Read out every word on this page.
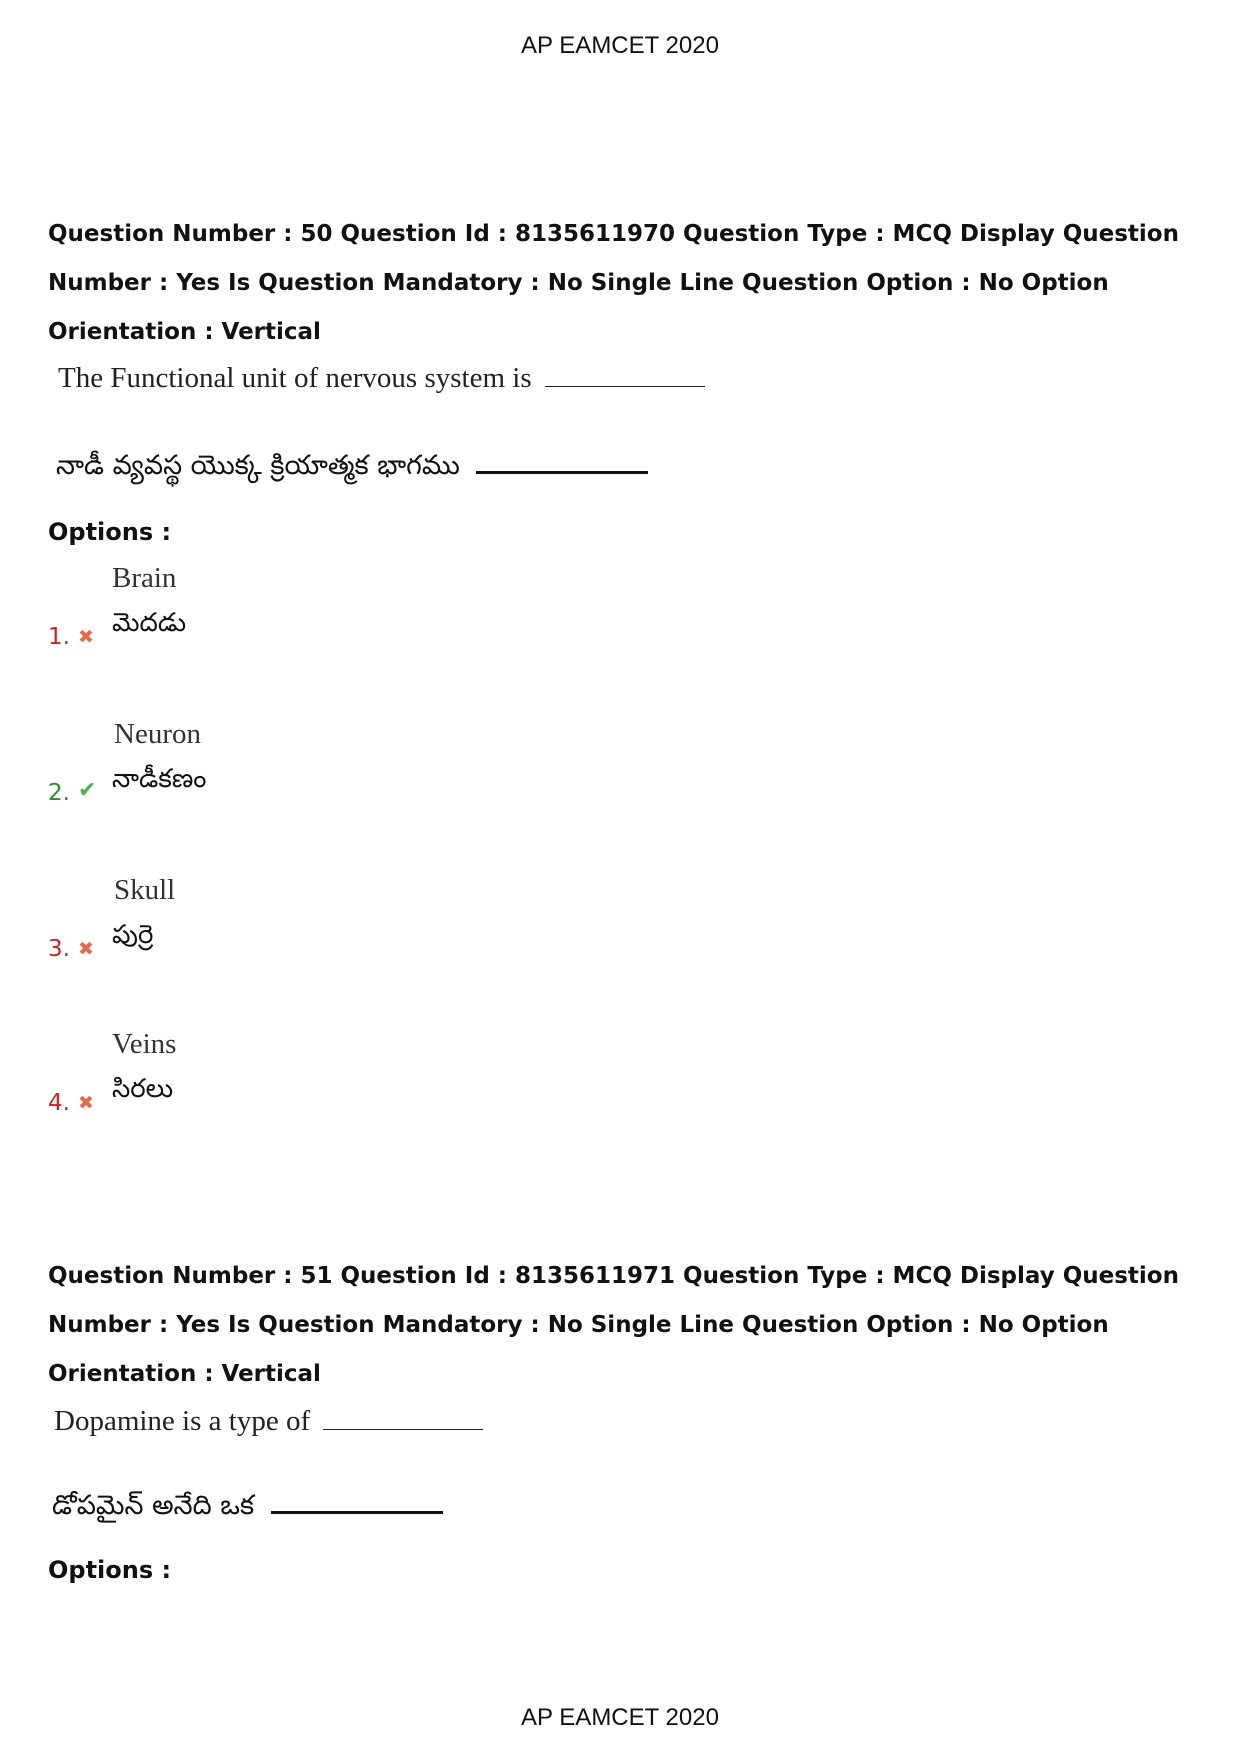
AP EAMCET 2020
Question Number : 50 Question Id : 8135611970 Question Type : MCQ Display Question
Number : Yes Is Question Mandatory : No Single Line Question Option : No Option
Orientation : Vertical
The Functional unit of nervous system is
నాడీ వ్యవస్థ యొక్క క్రియాత్మక భాగము
Options :
Brain
మెదడు
1. ✖
Neuron
నాడీకణం
2. ✔
Skull
పుర్రె
3. ✖
Veins
సిరలు
4. ✖
Question Number : 51 Question Id : 8135611971 Question Type : MCQ Display Question
Number : Yes Is Question Mandatory : No Single Line Question Option : No Option
Orientation : Vertical
Dopamine is a type of
డోపమైన్ అనేది ఒక
Options :
AP EAMCET 2020
